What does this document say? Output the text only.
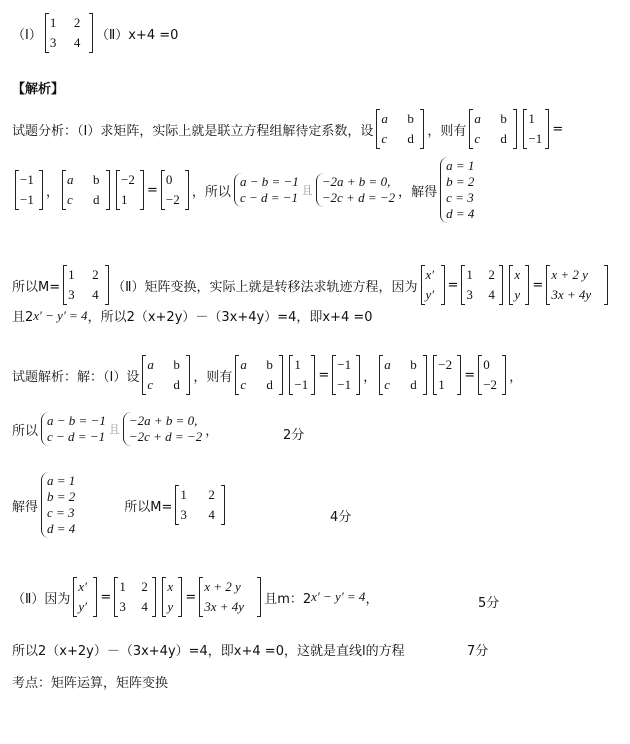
（Ⅰ）
1	2
3	4	（Ⅱ）x+4 =0
【解析】
试题分析：（Ⅰ）求矩阵，实际上就是联立方程组解待定系数，设
a	b
c	d	，则有
a	b
c	d
1
−1
=
−1
−1 ，
a	b
c	d
−2
1
=
0
−2 ，所以
a − b = −1
c − d = −1 且
−2a + b = 0,
−2c + d = −2 ，解得
a = 1
b = 2
c = 3
d = 4
所以M=
1	2
3	4	（Ⅱ）矩阵变换，实际上就是转移法求轨迹方程，因为
x′
y′
=
1	2
3	4
x
y
=
x + 2 y
3x + 4y
且2 x′ − y′ = 4 ，所以2（x+2y）－（3x+4y）=4，即x+4 =0
试题解析：解：（Ⅰ）设
a	b
c	d	，则有
a	b
c	d
1
−1
=
−1
−1 ，
a	b
c	d
−2
1
=
0
−2 ，
所以
a − b = −1
c − d = −1 且
−2a + b = 0,
−2c + d = −2 ，	2分
解得
a = 1
b = 2
c = 3
d = 4
所以M=
1	2
3	4	4分
（Ⅱ）因为
x′
y′
=
1	2
3	4
x
y
=
x + 2 y
3x + 4y	且m：2 x′ − y′ = 4 ，	5分
所以2（x+2y）－（3x+4y）=4，即x+4 =0，这就是直线l的方程	7分
考点：矩阵运算，矩阵变换
